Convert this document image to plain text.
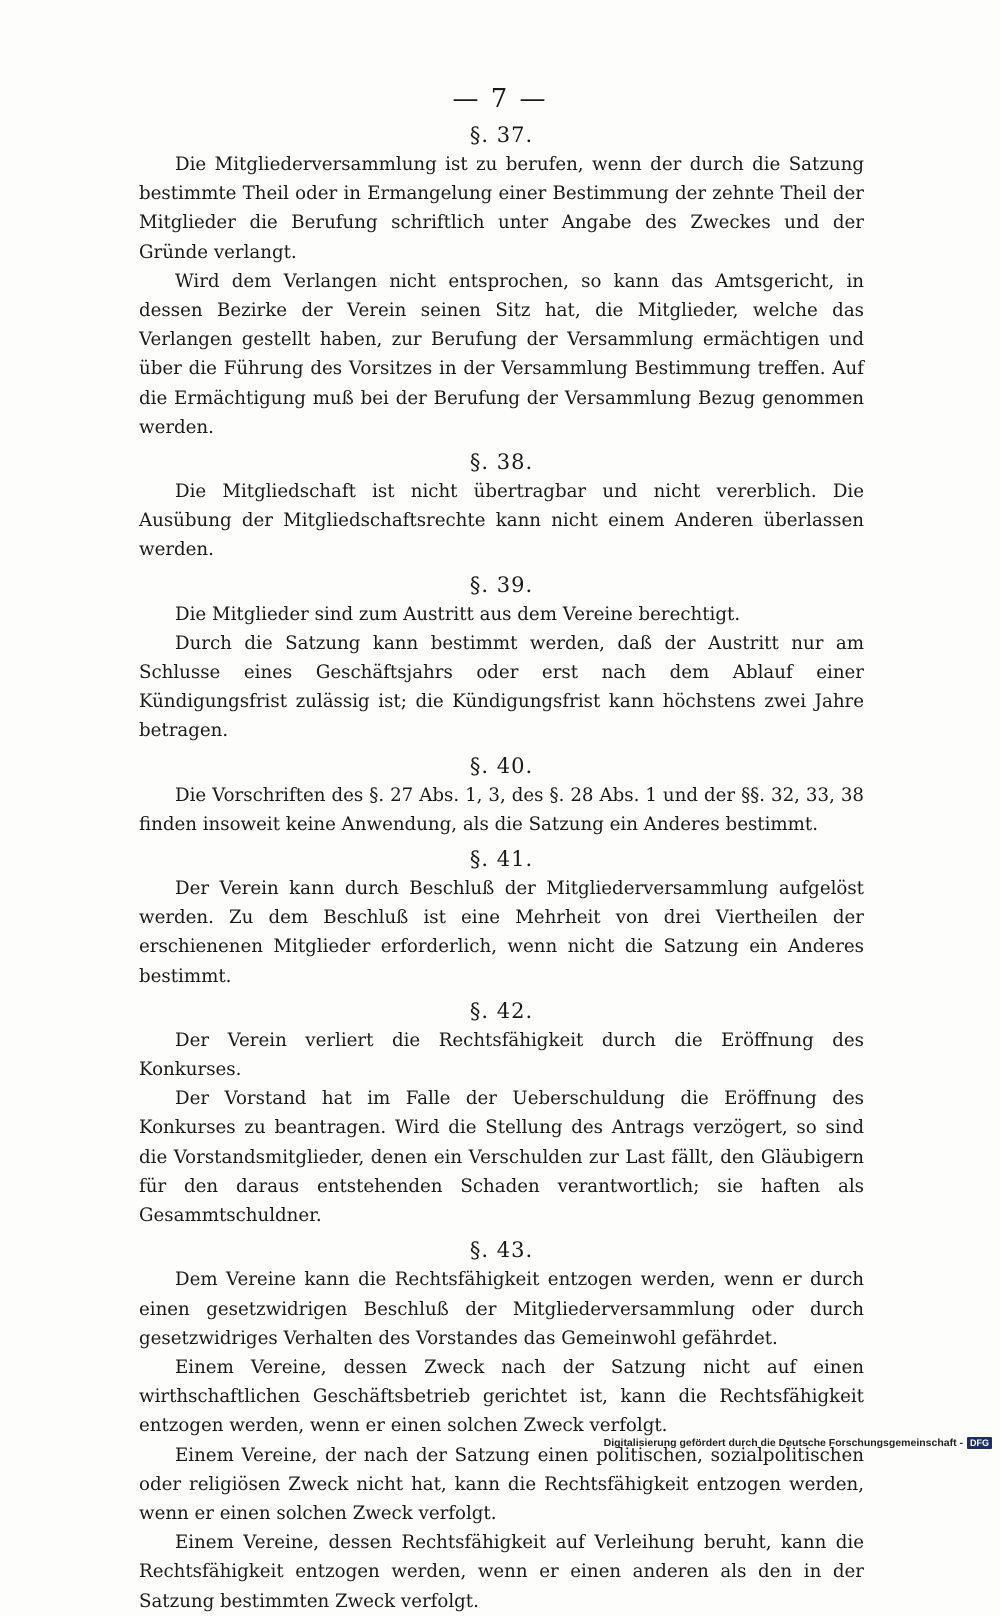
— 7 —
§. 37.

Die Mitgliederversammlung ist zu berufen, wenn der durch die Satzung bestimmte Theil oder in Ermangelung einer Bestimmung der zehnte Theil der Mitglieder die Berufung schriftlich unter Angabe des Zweckes und der Gründe verlangt.

Wird dem Verlangen nicht entsprochen, so kann das Amtsgericht, in dessen Bezirke der Verein seinen Sitz hat, die Mitglieder, welche das Verlangen gestellt haben, zur Berufung der Versammlung ermächtigen und über die Führung des Vorsitzes in der Versammlung Bestimmung treffen. Auf die Ermächtigung muß bei der Berufung der Versammlung Bezug genommen werden.

§. 38.

Die Mitgliedschaft ist nicht übertragbar und nicht vererblich. Die Ausübung der Mitgliedschaftsrechte kann nicht einem Anderen überlassen werden.

§. 39.

Die Mitglieder sind zum Austritt aus dem Vereine berechtigt.

Durch die Satzung kann bestimmt werden, daß der Austritt nur am Schlusse eines Geschäftsjahrs oder erst nach dem Ablauf einer Kündigungsfrist zulässig ist; die Kündigungsfrist kann höchstens zwei Jahre betragen.

§. 40.

Die Vorschriften des §. 27 Abs. 1, 3, des §. 28 Abs. 1 und der §§. 32, 33, 38 finden insoweit keine Anwendung, als die Satzung ein Anderes bestimmt.

§. 41.

Der Verein kann durch Beschluß der Mitgliederversammlung aufgelöst werden. Zu dem Beschluß ist eine Mehrheit von drei Viertheilen der erschienenen Mitglieder erforderlich, wenn nicht die Satzung ein Anderes bestimmt.

§. 42.

Der Verein verliert die Rechtsfähigkeit durch die Eröffnung des Konkurses.

Der Vorstand hat im Falle der Ueberschuldung die Eröffnung des Konkurses zu beantragen. Wird die Stellung des Antrags verzögert, so sind die Vorstandsmitglieder, denen ein Verschulden zur Last fällt, den Gläubigern für den daraus entstehenden Schaden verantwortlich; sie haften als Gesammtschuldner.

§. 43.

Dem Vereine kann die Rechtsfähigkeit entzogen werden, wenn er durch einen gesetzwidrigen Beschluß der Mitgliederversammlung oder durch gesetzwidriges Verhalten des Vorstandes das Gemeinwohl gefährdet.

Einem Vereine, dessen Zweck nach der Satzung nicht auf einen wirthschaftlichen Geschäftsbetrieb gerichtet ist, kann die Rechtsfähigkeit entzogen werden, wenn er einen solchen Zweck verfolgt.

Einem Vereine, der nach der Satzung einen politischen, sozialpolitischen oder religiösen Zweck nicht hat, kann die Rechtsfähigkeit entzogen werden, wenn er einen solchen Zweck verfolgt.

Einem Vereine, dessen Rechtsfähigkeit auf Verleihung beruht, kann die Rechtsfähigkeit entzogen werden, wenn er einen anderen als den in der Satzung bestimmten Zweck verfolgt.

Digitalisierung gefördert durch die Deutsche Forschungsgemeinschaft - DFG
